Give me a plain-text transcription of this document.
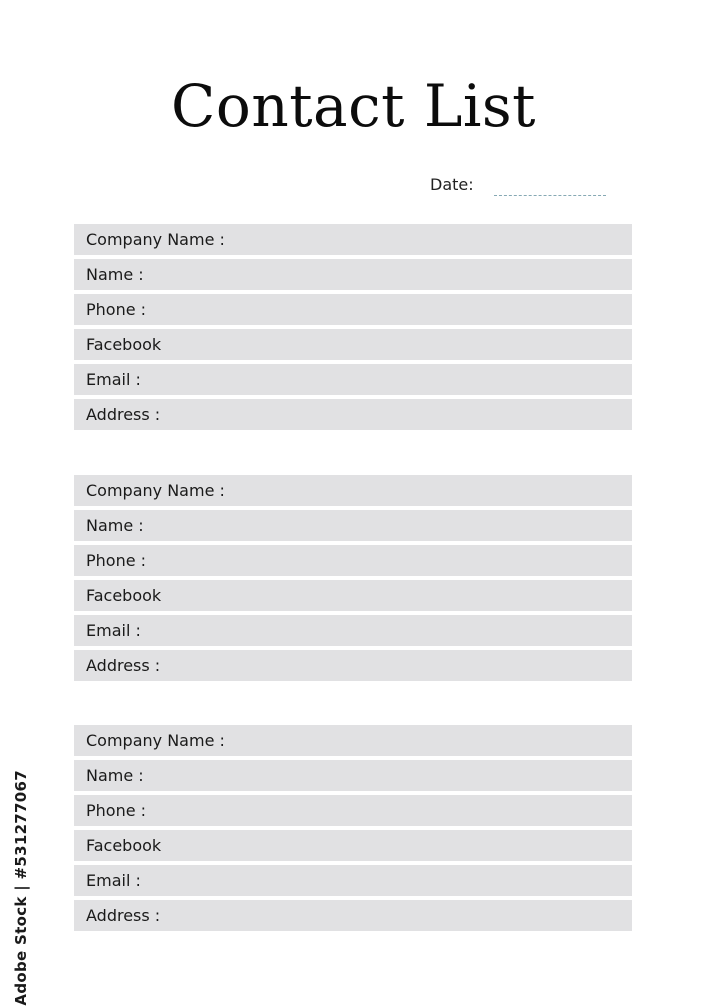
Contact List
Date:
Company Name :
Name :
Phone :
Facebook
Email :
Address :
Company Name :
Name :
Phone :
Facebook
Email :
Address :
Company Name :
Name :
Phone :
Facebook
Email :
Address :
Adobe Stock | #531277067
